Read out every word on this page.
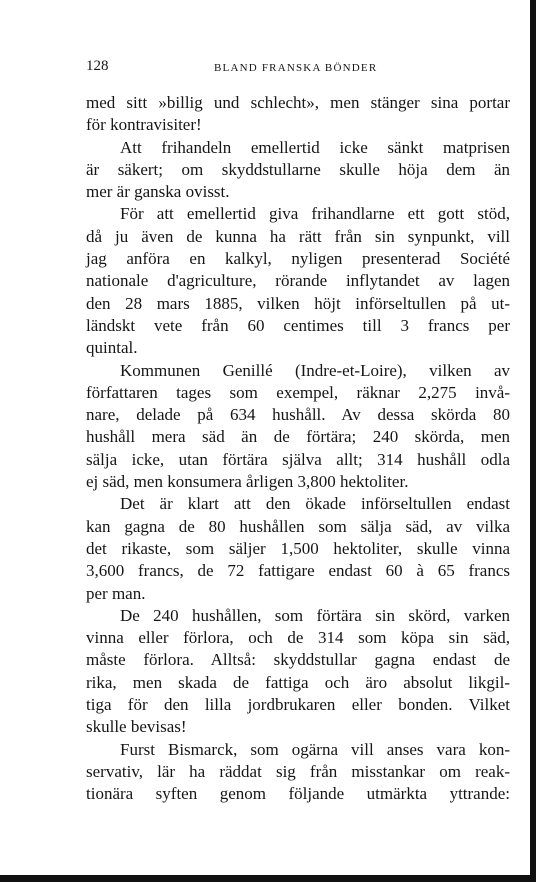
128	BLAND FRANSKA BÖNDER
med sitt »billig und schlecht», men stänger sina portar
för kontravisiter!
Att frihandeln emellertid icke sänkt matprisen
är säkert; om skyddstullarne skulle höja dem än
mer är ganska ovisst.
För att emellertid giva frihandlarne ett gott stöd,
då ju även de kunna ha rätt från sin synpunkt, vill
jag anföra en kalkyl, nyligen presenterad Société
nationale d'agriculture, rörande inflytandet av lagen
den 28 mars 1885, vilken höjt införseltullen på ut-
ländskt vete från 60 centimes till 3 francs per
quintal.
Kommunen Genillé (Indre-et-Loire), vilken av
författaren tages som exempel, räknar 2,275 invå-
nare, delade på 634 hushåll. Av dessa skörda 80
hushåll mera säd än de förtära; 240 skörda, men
sälja icke, utan förtära själva allt; 314 hushåll odla
ej säd, men konsumera årligen 3,800 hektoliter.
Det är klart att den ökade införseltullen endast
kan gagna de 80 hushållen som sälja säd, av vilka
det rikaste, som säljer 1,500 hektoliter, skulle vinna
3,600 francs, de 72 fattigare endast 60 à 65 francs
per man.
De 240 hushållen, som förtära sin skörd, varken
vinna eller förlora, och de 314 som köpa sin säd,
måste förlora. Alltså: skyddstullar gagna endast de
rika, men skada de fattiga och äro absolut likgil-
tiga för den lilla jordbrukaren eller bonden. Vilket
skulle bevisas!
Furst Bismarck, som ogärna vill anses vara kon-
servativ, lär ha räddat sig från misstankar om reak-
tionära syften genom följande utmärkta yttrande:
